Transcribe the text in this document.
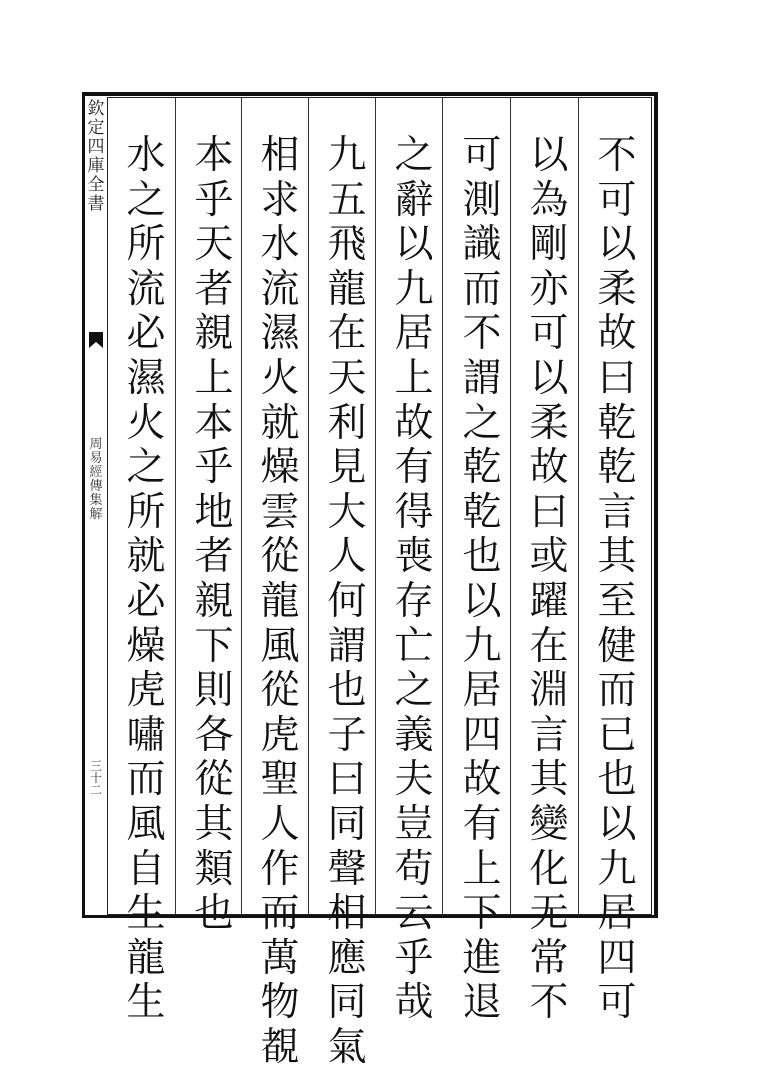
欽
定
四
庫
全
書
周
易
經
傳
集
解
三十二
不
可
以
柔
故
曰
乾
乾
言
其
至
健
而
已
也
以
九
居
四
可
以
為
剛
亦
可
以
柔
故
曰
或
躍
在
淵
言
其
變
化
无
常
不
可
測
識
而
不
謂
之
乾
乾
也
以
九
居
四
故
有
上
下
進
退
之
辭
以
九
居
上
故
有
得
喪
存
亡
之
義
夫
豈
苟
云
乎
哉
九
五
飛
龍
在
天
利
見
大
人
何
謂
也
子
曰
同
聲
相
應
同
氣
相
求
水
流
濕
火
就
燥
雲
從
龍
風
從
虎
聖
人
作
而
萬
物
覩
本
乎
天
者
親
上
本
乎
地
者
親
下
則
各
從
其
類
也
水
之
所
流
必
濕
火
之
所
就
必
燥
虎
嘯
而
風
自
生
龍
生
